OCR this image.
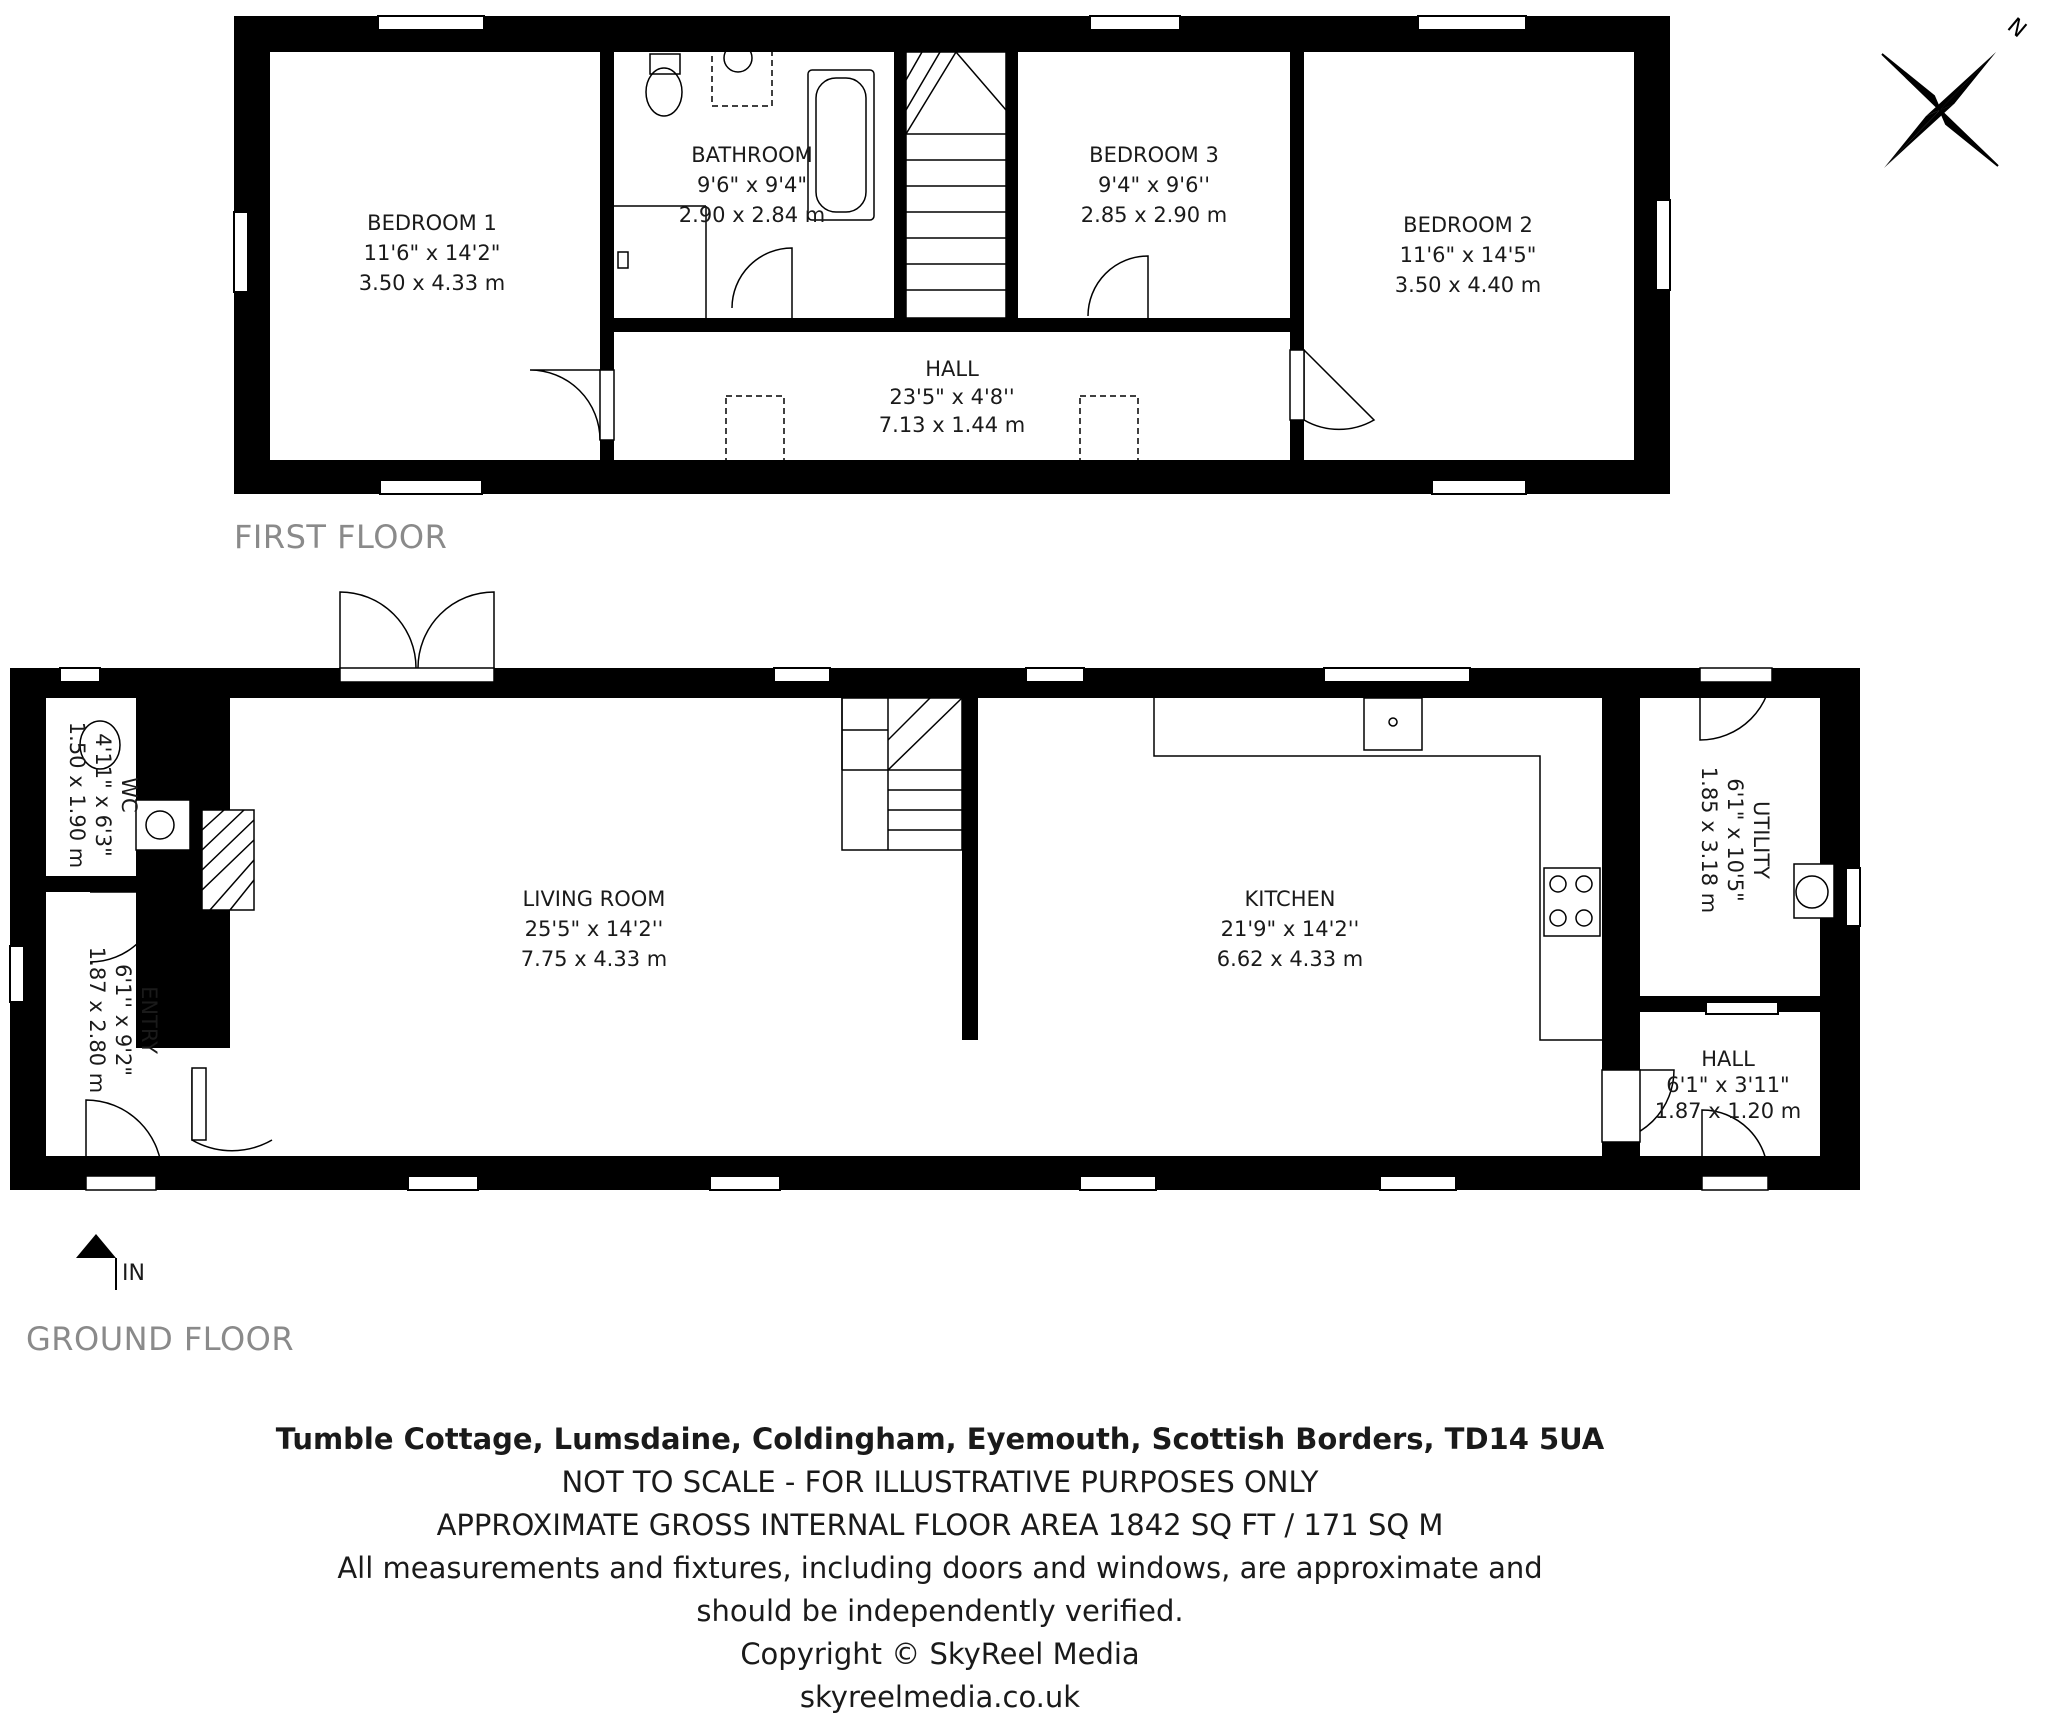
BEDROOM 1
11'6" x 14'2"
3.50 x 4.33 m
BATHROOM
9'6" x 9'4"
2.90 x 2.84 m
BEDROOM 3
9'4" x 9'6''
2.85 x 2.90 m	BEDROOM 2
11'6" x 14'5"
3.50 x 4.40 m
HALL
23'5" x 4'8''
7.13 x 1.44 m
FIRST FLOOR
WC
4'11" x 6'3"
1.50 x 1.90 m
ENTRY
6'1'' x 9'2"
1.87 x 2.80 m
LIVING ROOM
25'5" x 14'2''
7.75 x 4.33 m
KITCHEN
21'9" x 14'2''
6.62 x 4.33 m
UTILITY
6'1" x 10'5"
1.85 x 3.18 m
HALL
6'1" x 3'11"
1.87 x 1.20 m
IN
GROUND FLOOR
N
Tumble Cottage, Lumsdaine, Coldingham, Eyemouth, Scottish Borders, TD14 5UA
NOT TO SCALE - FOR ILLUSTRATIVE PURPOSES ONLY
APPROXIMATE GROSS INTERNAL FLOOR AREA 1842 SQ FT / 171 SQ M
All measurements and fixtures, including doors and windows, are approximate and
should be independently verified.
Copyright © SkyReel Media
skyreelmedia.co.uk
